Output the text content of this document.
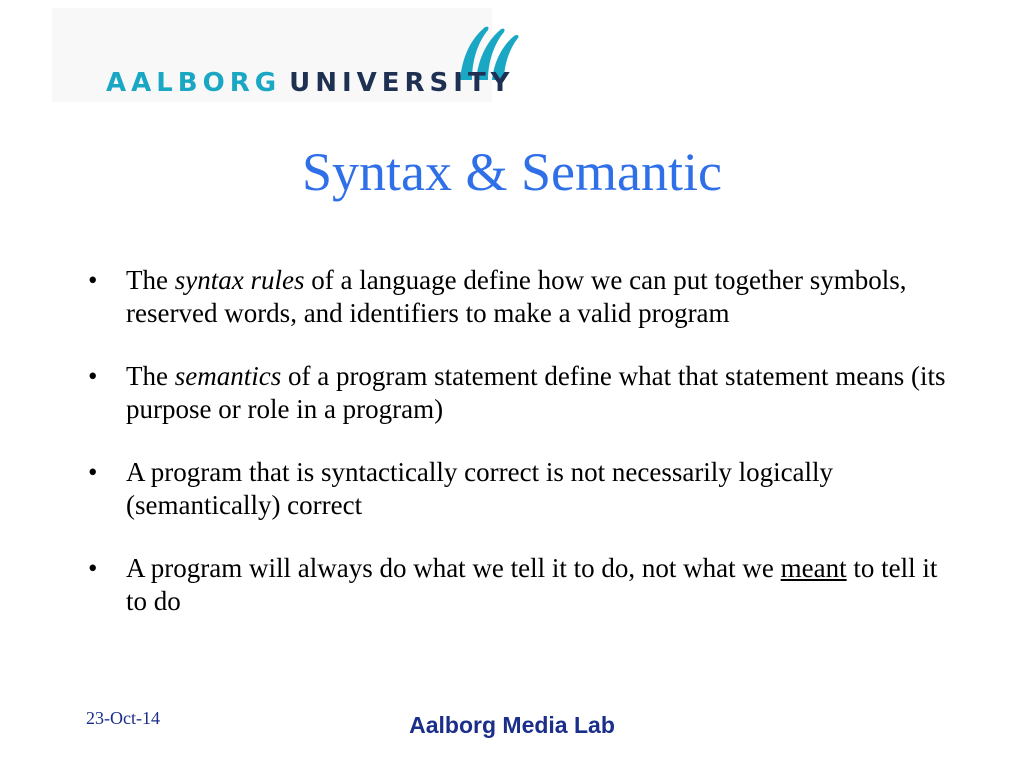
AALBORG UNIVERSITY
Syntax & Semantic
• The syntax rules of a language define how we can put together symbols, reserved words, and identifiers to make a valid program
• The semantics of a program statement define what that statement means (its purpose or role in a program)
• A program that is syntactically correct is not necessarily logically (semantically) correct
• A program will always do what we tell it to do, not what we meant to tell it to do
23-Oct-14	Aalborg Media Lab
